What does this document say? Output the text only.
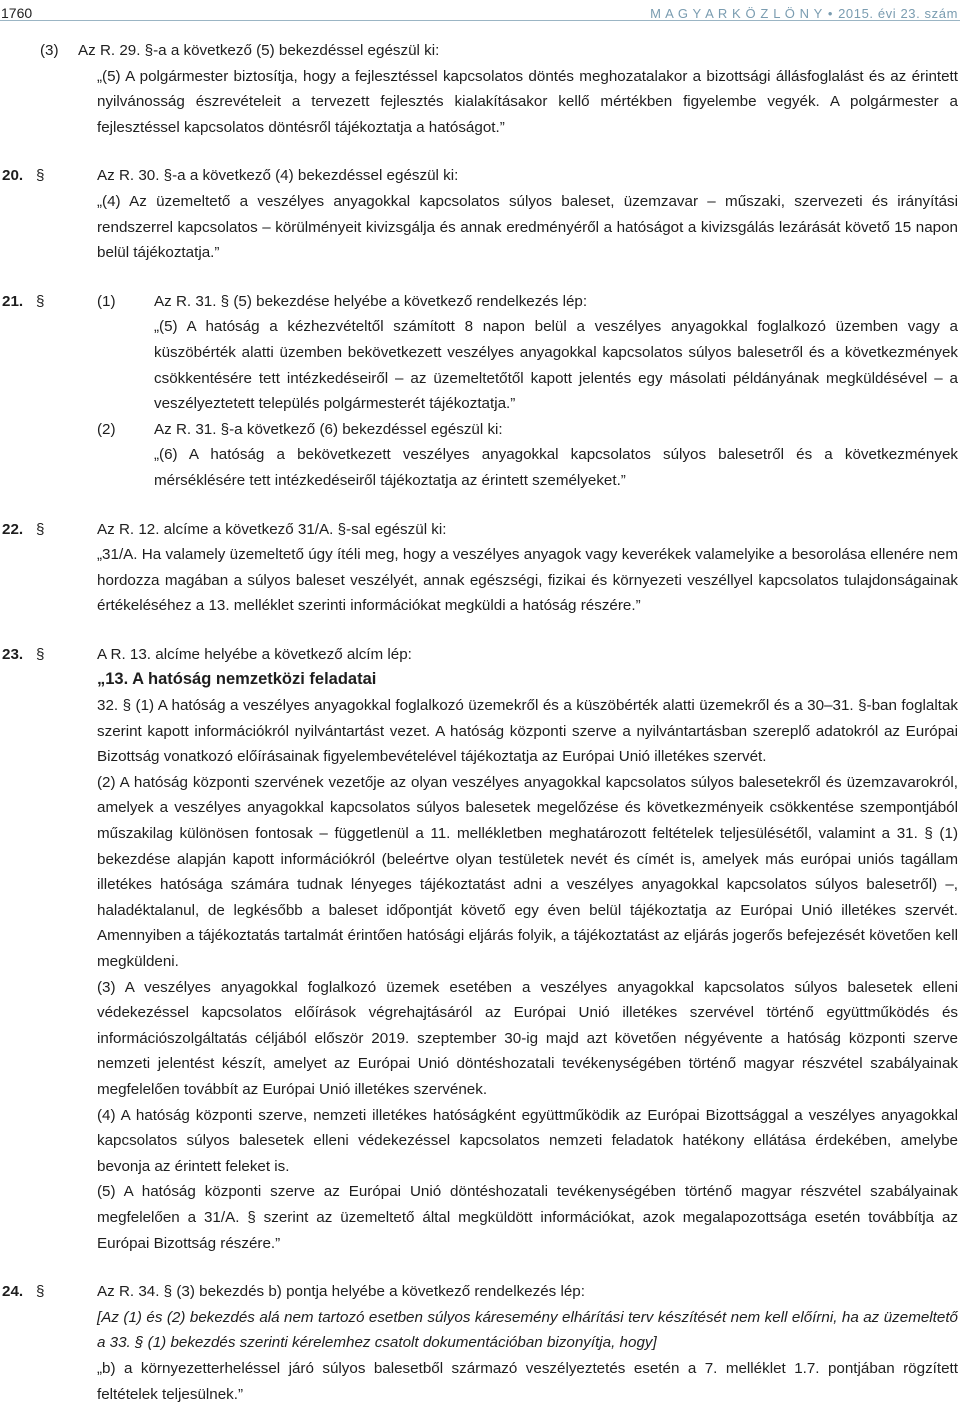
1760	M A G Y A R K Ö Z L Ö N Y • 2015. évi 23. szám

(3) Az R. 29. §-a a következő (5) bekezdéssel egészül ki:

„(5) A polgármester biztosítja, hogy a fejlesztéssel kapcsolatos döntés meghozatalakor a bizottsági állásfoglalást és az érintett nyilvánosság észrevételeit a tervezett fejlesztés kialakításakor kellő mértékben figyelembe vegyék. A polgármester a fejlesztéssel kapcsolatos döntésről tájékoztatja a hatóságot.”

20. §	Az R. 30. §-a a következő (4) bekezdéssel egészül ki:

„(4) Az üzemeltető a veszélyes anyagokkal kapcsolatos súlyos baleset, üzemzavar – műszaki, szervezeti és irányítási rendszerrel kapcsolatos – körülményeit kivizsgálja és annak eredményéről a hatóságot a kivizsgálás lezárását követő 15 napon belül tájékoztatja.”

21. §	(1)	Az R. 31. § (5) bekezdése helyébe a következő rendelkezés lép:

„(5) A hatóság a kézhezvételtől számított 8 napon belül a veszélyes anyagokkal foglalkozó üzemben vagy a küszöbérték alatti üzemben bekövetkezett veszélyes anyagokkal kapcsolatos súlyos balesetről és a következmények csökkentésére tett intézkedéseiről – az üzemeltetőtől kapott jelentés egy másolati példányának megküldésével – a veszélyeztetett település polgármesterét tájékoztatja.”

(2)	Az R. 31. §-a következő (6) bekezdéssel egészül ki:

„(6) A hatóság a bekövetkezett veszélyes anyagokkal kapcsolatos súlyos balesetről és a következmények mérséklésére tett intézkedéseiről tájékoztatja az érintett személyeket.”

22. §	Az R. 12. alcíme a következő 31/A. §-sal egészül ki:

„31/A. Ha valamely üzemeltető úgy ítéli meg, hogy a veszélyes anyagok vagy keverékek valamelyike a besorolása ellenére nem hordozza magában a súlyos baleset veszélyét, annak egészségi, fizikai és környezeti veszéllyel kapcsolatos tulajdonságainak értékeléséhez a 13. melléklet szerinti információkat megküldi a hatóság részére.”

23. §	A R. 13. alcíme helyébe a következő alcím lép:

„13. A hatóság nemzetközi feladatai

32. § (1) A hatóság a veszélyes anyagokkal foglalkozó üzemekről és a küszöbérték alatti üzemekről és a 30–31. §-ban foglaltak szerint kapott információkról nyilvántartást vezet. A hatóság központi szerve a nyilvántartásban szereplő adatokról az Európai Bizottság vonatkozó előírásainak figyelembevételével tájékoztatja az Európai Unió illetékes szervét.

(2) A hatóság központi szervének vezetője az olyan veszélyes anyagokkal kapcsolatos súlyos balesetekről és üzemzavarokról, amelyek a veszélyes anyagokkal kapcsolatos súlyos balesetek megelőzése és következményeik csökkentése szempontjából műszakilag különösen fontosak – függetlenül a 11. mellékletben meghatározott feltételek teljesülésétől, valamint a 31. § (1) bekezdése alapján kapott információkról (beleértve olyan testületek nevét és címét is, amelyek más európai uniós tagállam illetékes hatósága számára tudnak lényeges tájékoztatást adni a veszélyes anyagokkal kapcsolatos súlyos balesetről) –, haladéktalanul, de legkésőbb a baleset időpontját követő egy éven belül tájékoztatja az Európai Unió illetékes szervét. Amennyiben a tájékoztatás tartalmát érintően hatósági eljárás folyik, a tájékoztatást az eljárás jogerős befejezését követően kell megküldeni.

(3) A veszélyes anyagokkal foglalkozó üzemek esetében a veszélyes anyagokkal kapcsolatos súlyos balesetek elleni védekezéssel kapcsolatos előírások végrehajtásáról az Európai Unió illetékes szervével történő együttműködés és információszolgáltatás céljából először 2019. szeptember 30-ig majd azt követően négyévente a hatóság központi szerve nemzeti jelentést készít, amelyet az Európai Unió döntéshozatali tevékenységében történő magyar részvétel szabályainak megfelelően továbbít az Európai Unió illetékes szervének.

(4) A hatóság központi szerve, nemzeti illetékes hatóságként együttműködik az Európai Bizottsággal a veszélyes anyagokkal kapcsolatos súlyos balesetek elleni védekezéssel kapcsolatos nemzeti feladatok hatékony ellátása érdekében, amelybe bevonja az érintett feleket is.

(5) A hatóság központi szerve az Európai Unió döntéshozatali tevékenységében történő magyar részvétel szabályainak megfelelően a 31/A. § szerint az üzemeltető által megküldött információkat, azok megalapozottsága esetén továbbítja az Európai Bizottság részére.”

24. §	Az R. 34. § (3) bekezdés b) pontja helyébe a következő rendelkezés lép:

[Az (1) és (2) bekezdés alá nem tartozó esetben súlyos káresemény elhárítási terv készítését nem kell előírni, ha az üzemeltető a 33. § (1) bekezdés szerinti kérelemhez csatolt dokumentációban bizonyítja, hogy]

„b) a környezetterheléssel járó súlyos balesetből származó veszélyeztetés esetén a 7. melléklet 1.7. pontjában rögzített feltételek teljesülnek.”
